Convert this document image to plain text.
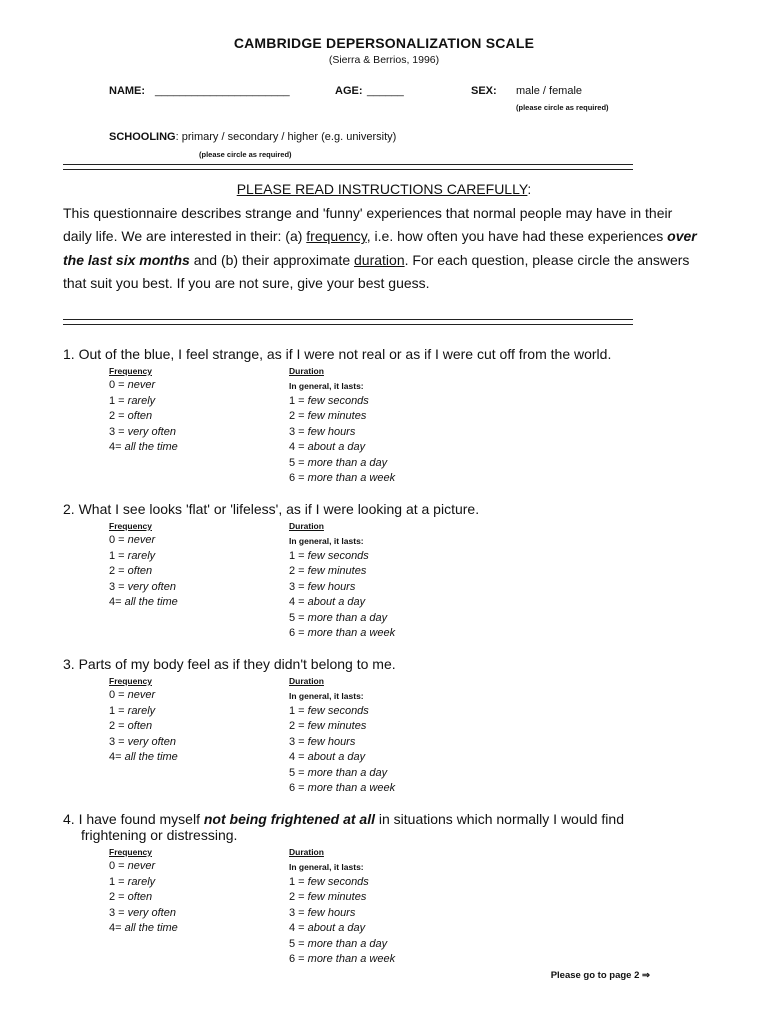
CAMBRIDGE DEPERSONALIZATION SCALE
(Sierra & Berrios, 1996)
NAME: ______________________	AGE: ______	SEX: male / female
(please circle as required)
SCHOOLING: primary / secondary / higher (e.g. university)
(please circle as required)
PLEASE READ INSTRUCTIONS CAREFULLY:
This questionnaire describes strange and 'funny' experiences that normal people may have in their daily life. We are interested in their: (a) frequency, i.e. how often you have had these experiences over the last six months and (b) their approximate duration. For each question, please circle the answers that suit you best. If you are not sure, give your best guess.
1. Out of the blue, I feel strange, as if I were not real or as if I were cut off from the world.
Frequency	Duration
In general, it lasts:
0 = never
1 = rarely
2 = often
3 = very often
4= all the time
1 = few seconds
2 = few minutes
3 = few hours
4 = about a day
5 = more than a day
6 = more than a week
2. What I see looks 'flat' or 'lifeless', as if I were looking at a picture.
Frequency	Duration
In general, it lasts:
0 = never
1 = rarely
2 = often
3 = very often
4= all the time
1 = few seconds
2 = few minutes
3 = few hours
4 = about a day
5 = more than a day
6 = more than a week
3. Parts of my body feel as if they didn't belong to me.
Frequency	Duration
In general, it lasts:
0 = never
1 = rarely
2 = often
3 = very often
4= all the time
1 = few seconds
2 = few minutes
3 = few hours
4 = about a day
5 = more than a day
6 = more than a week
4. I have found myself not being frightened at all in situations which normally I would find
frightening or distressing.
Frequency	Duration
In general, it lasts:
0 = never
1 = rarely
2 = often
3 = very often
4= all the time
1 = few seconds
2 = few minutes
3 = few hours
4 = about a day
5 = more than a day
6 = more than a week
Please go to page 2 ⇒
